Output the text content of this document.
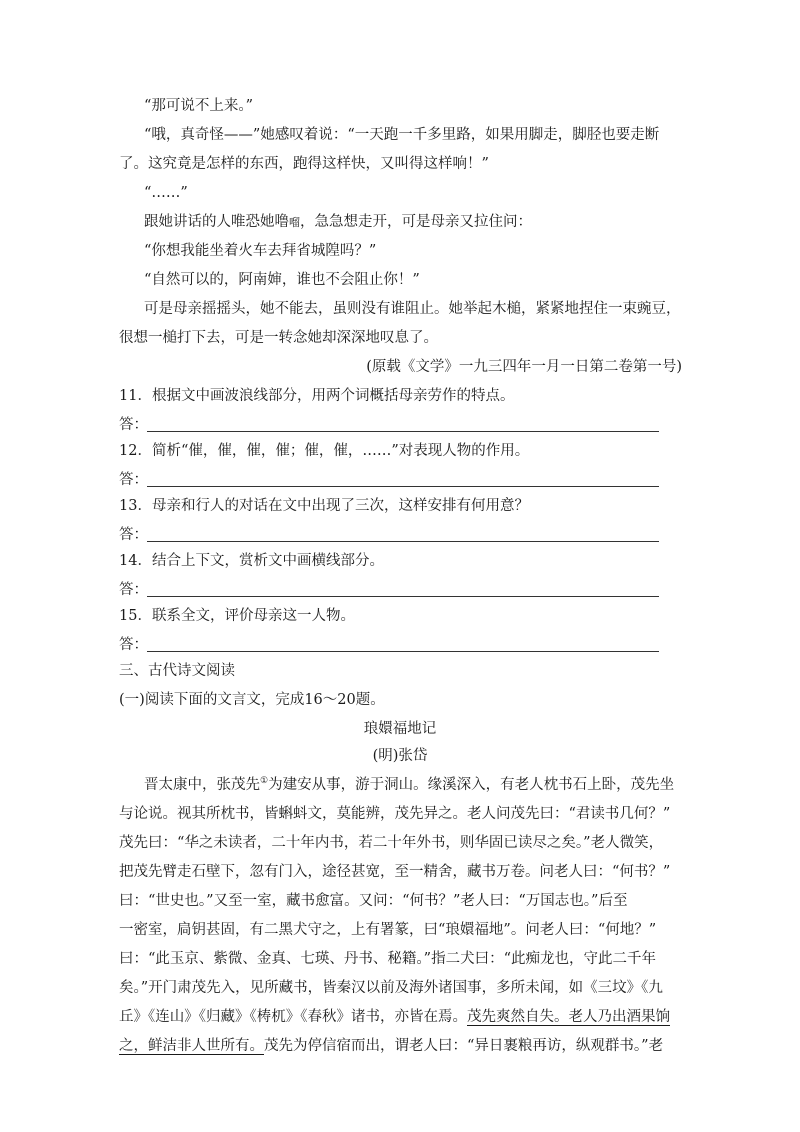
“那可说不上来。”
“哦，真奇怪——”她感叹着说：“一天跑一千多里路，如果用脚走，脚胫也要走断
了。这究竟是怎样的东西，跑得这样快，又叫得这样响！”
“……”
跟她讲话的人唯恐她噜𠺕，急急想走开，可是母亲又拉住问：
“你想我能坐着火车去拜省城隍吗？”
“自然可以的，阿南婶，谁也不会阻止你！”
可是母亲摇摇头，她不能去，虽则没有谁阻止。她举起木槌，紧紧地捏住一束豌豆，
很想一槌打下去，可是一转念她却深深地叹息了。
(原载《文学》一九三四年一月一日第二卷第一号)
11．根据文中画波浪线部分，用两个词概括母亲劳作的特点。
答：
12．简析“催，催，催，催；催，催，……”对表现人物的作用。
答：
13．母亲和行人的对话在文中出现了三次，这样安排有何用意？
答：
14．结合上下文，赏析文中画横线部分。
答：
15．联系全文，评价母亲这一人物。
答：
三、古代诗文阅读
(一)阅读下面的文言文，完成16～20题。
琅嬛福地记
(明)张岱
晋太康中，张茂先①为建安从事，游于洞山。缘溪深入，有老人枕书石上卧，茂先坐
与论说。视其所枕书，皆蝌蚪文，莫能辨，茂先异之。老人问茂先曰：“君读书几何？”
茂先曰：“华之未读者，二十年内书，若二十年外书，则华固已读尽之矣。”老人微笑，
把茂先臂走石壁下，忽有门入，途径甚宽，至一精舍，藏书万卷。问老人曰：“何书？”
曰：“世史也。”又至一室，藏书愈富。又问：“何书？”老人曰：“万国志也。”后至
一密室，扃钥甚固，有二黑犬守之，上有署篆，曰“琅嬛福地”。问老人曰：“何地？”
曰：“此玉京、紫微、金真、七瑛、丹书、秘籍。”指二犬曰：“此痴龙也，守此二千年
矣。”开门肃茂先入，见所藏书，皆秦汉以前及海外诸国事，多所未闻，如《三坟》《九
丘》《连山》《归藏》《梼杌》《春秋》诸书，亦皆在焉。茂先爽然自失。老人乃出酒果饷
之，鲜洁非人世所有。茂先为停信宿而出，谓老人曰：“异日裹粮再访，纵观群书。”老
